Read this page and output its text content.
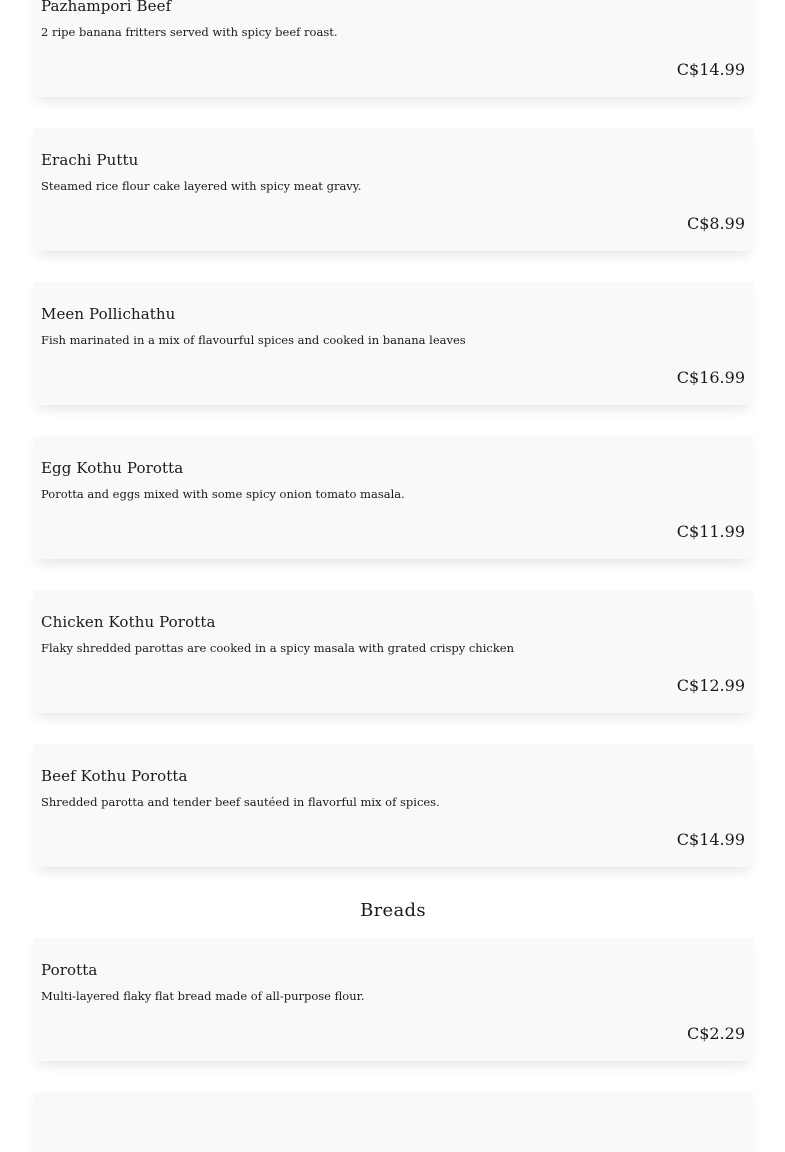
Pazhampori Beef
2 ripe banana fritters served with spicy beef roast.
C$14.99
Erachi Puttu
Steamed rice flour cake layered with spicy meat gravy.
C$8.99
Meen Pollichathu
Fish marinated in a mix of flavourful spices and cooked in banana leaves
C$16.99
Egg Kothu Porotta
Porotta and eggs mixed with some spicy onion tomato masala.
C$11.99
Chicken Kothu Porotta
Flaky shredded parottas are cooked in a spicy masala with grated crispy chicken
C$12.99
Beef Kothu Porotta
Shredded parotta and tender beef sautéed in flavorful mix of spices.
C$14.99
Breads
Porotta
Multi-layered flaky flat bread made of all-purpose flour.
C$2.29
